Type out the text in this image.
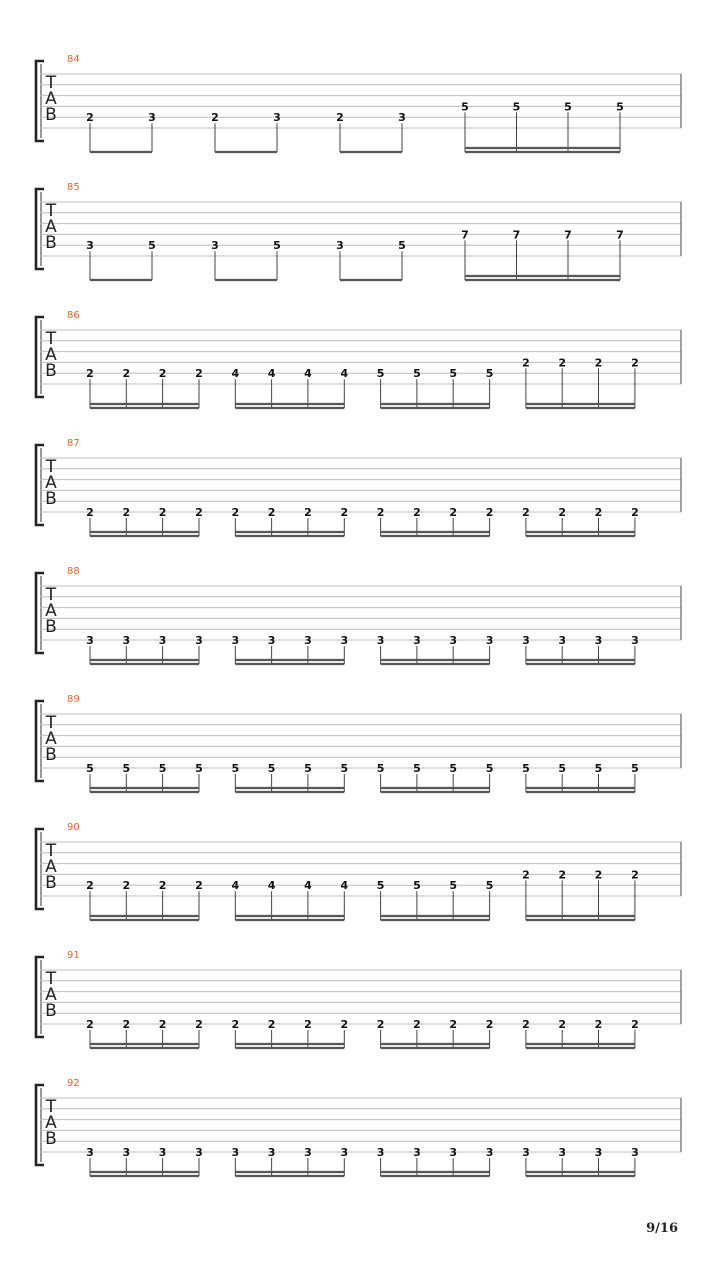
84
T
A
B	2	3	2	3	2	3
5	5	5	5
85
T
A
B	3	5	3	5	3	5
7	7	7	7
86
T
A
B	2	2	2	2	4	4	4	4	5	5	5	5
2	2	2	2
87
T
A
B
2	2	2	2	2	2	2	2	2	2	2	2	2	2	2	2
88
T
A
B
3	3	3	3	3	3	3	3	3	3	3	3	3	3	3	3
89
T
A
B
5	5	5	5	5	5	5	5	5	5	5	5	5	5	5	5
90
T
A
B	2	2	2	2	4	4	4	4	5	5	5	5
2	2	2	2
91
T
A
B
2	2	2	2	2	2	2	2	2	2	2	2	2	2	2	2
92
T
A
B
3	3	3	3	3	3	3	3	3	3	3	3	3	3	3	3
9/16
